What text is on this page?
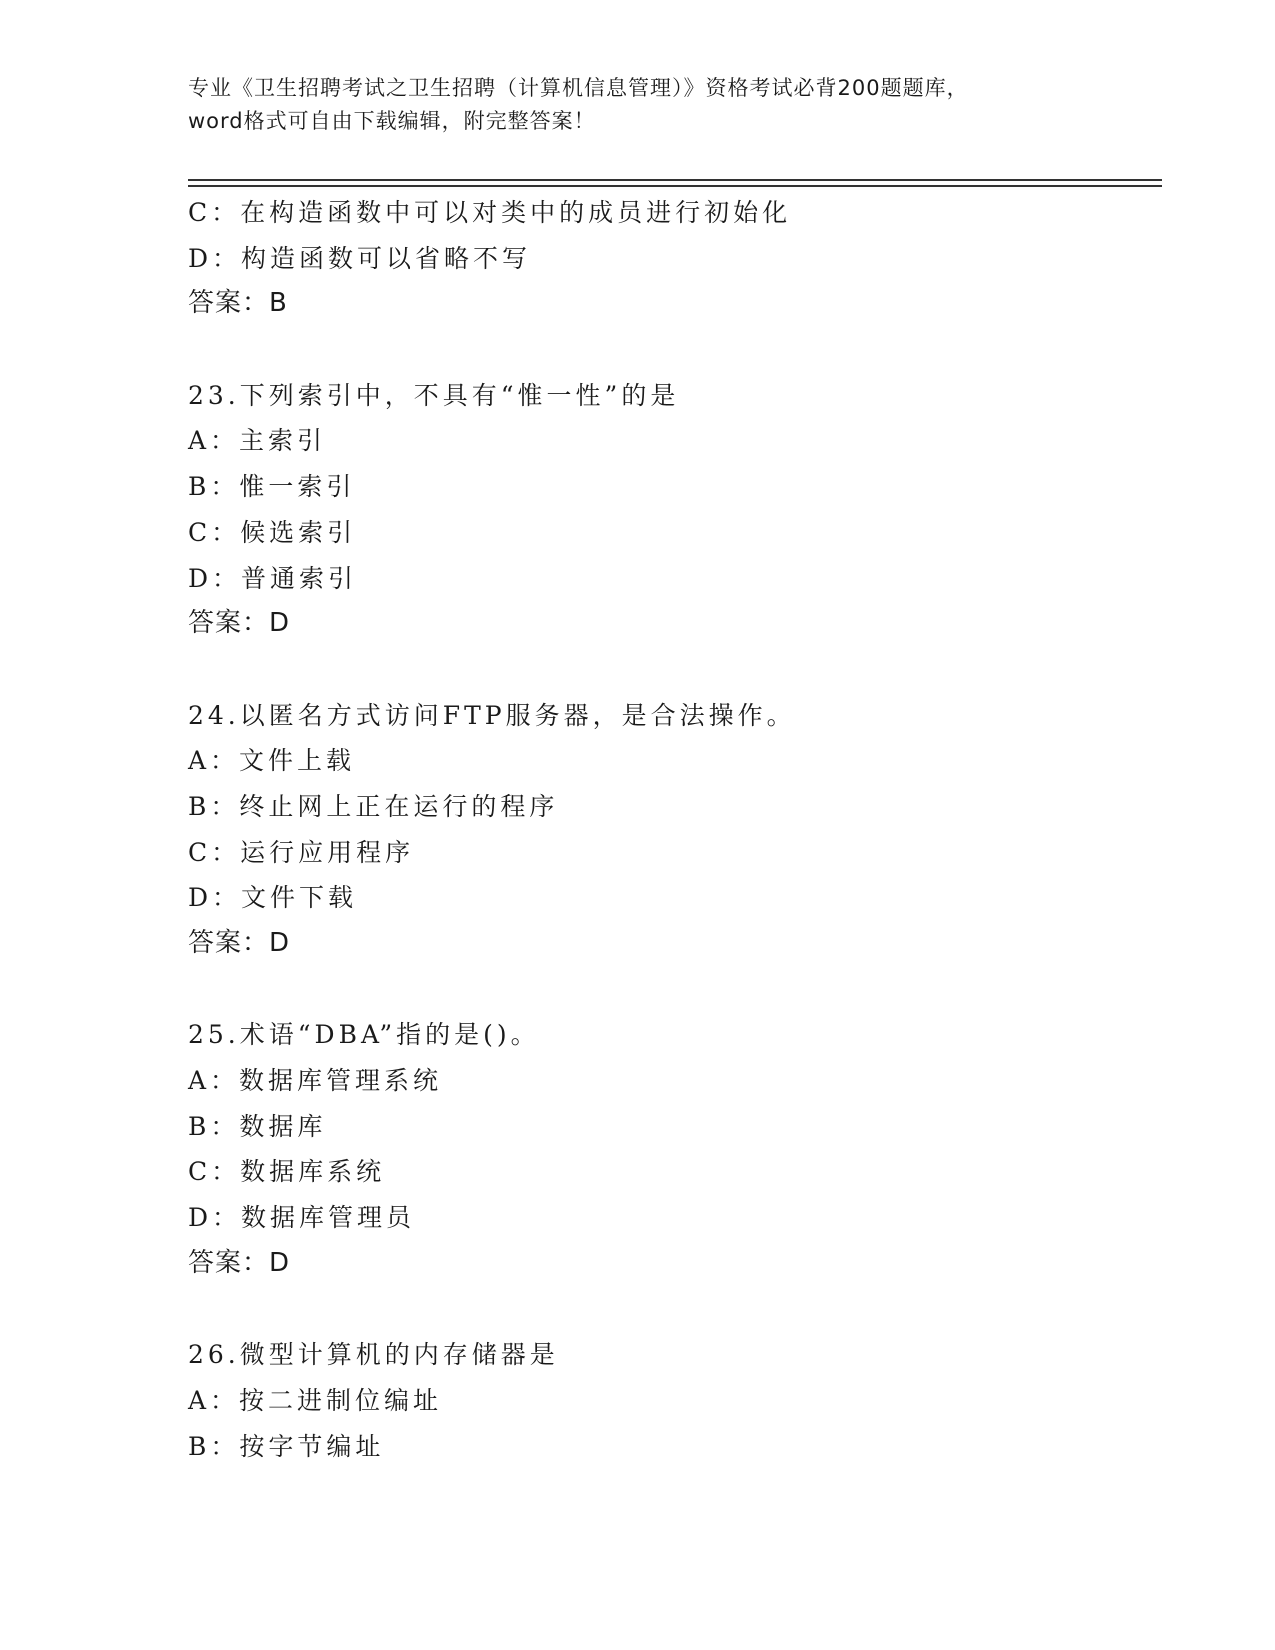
专业《卫生招聘考试之卫生招聘（计算机信息管理）》资格考试必背200题题库，
word格式可自由下载编辑，附完整答案！
C：在构造函数中可以对类中的成员进行初始化
D：构造函数可以省略不写
答案：B
23.下列索引中，不具有“惟一性”的是
A：主索引
B：惟一索引
C：候选索引
D：普通索引
答案：D
24.以匿名方式访问FTP服务器，是合法操作。
A：文件上载
B：终止网上正在运行的程序
C：运行应用程序
D：文件下载
答案：D
25.术语“DBA”指的是()。
A：数据库管理系统
B：数据库
C：数据库系统
D：数据库管理员
答案：D
26.微型计算机的内存储器是
A：按二进制位编址
B：按字节编址
